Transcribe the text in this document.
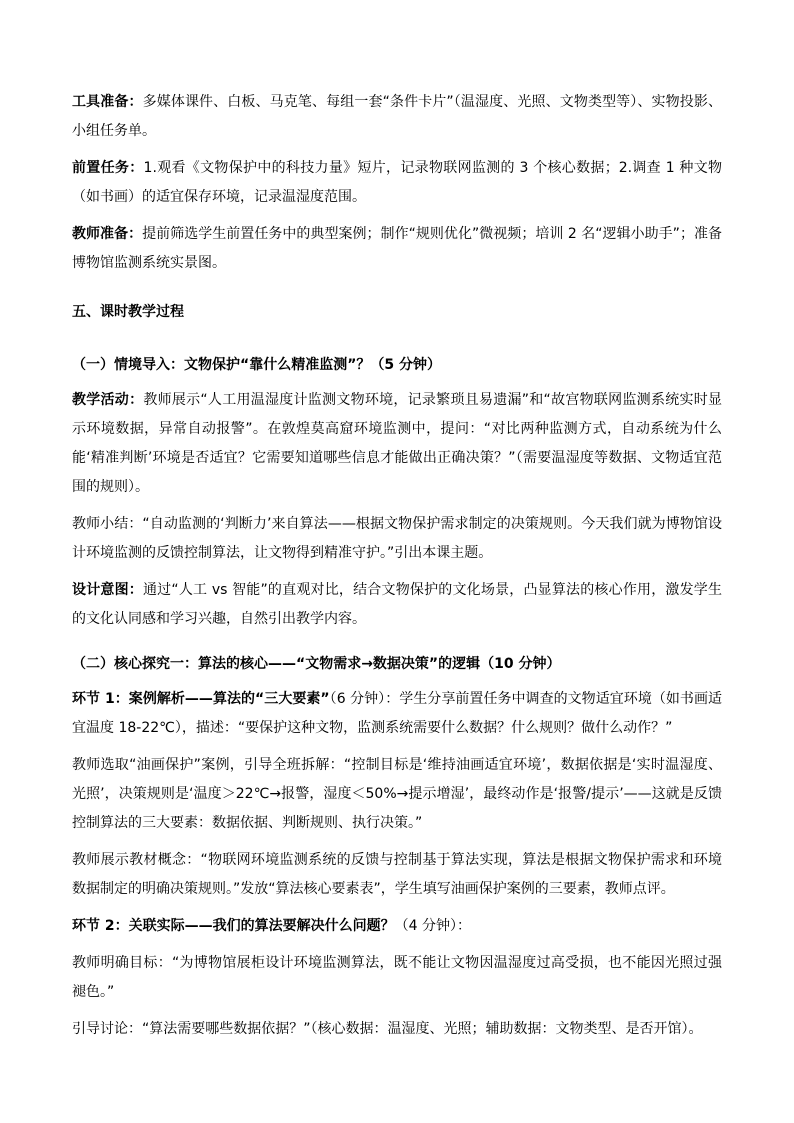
工具准备：多媒体课件、白板、马克笔、每组一套“条件卡片”（温湿度、光照、文物类型等）、实物投影、小组任务单。

前置任务：1.观看《文物保护中的科技力量》短片，记录物联网监测的 3 个核心数据；2.调查 1 种文物（如书画）的适宜保存环境，记录温湿度范围。

教师准备：提前筛选学生前置任务中的典型案例；制作“规则优化”微视频；培训 2 名“逻辑小助手”；准备博物馆监测系统实景图。

五、课时教学过程

（一）情境导入：文物保护“靠什么精准监测”？（5 分钟）

教学活动：教师展示“人工用温湿度计监测文物环境，记录繁琐且易遗漏”和“故宫物联网监测系统实时显示环境数据，异常自动报警”。在敦煌莫高窟环境监测中，提问：“对比两种监测方式，自动系统为什么能‘精准判断’环境是否适宜？它需要知道哪些信息才能做出正确决策？”（需要温湿度等数据、文物适宜范围的规则）。

教师小结：“自动监测的‘判断力’来自算法——根据文物保护需求制定的决策规则。今天我们就为博物馆设计环境监测的反馈控制算法，让文物得到精准守护。”引出本课主题。

设计意图：通过“人工 vs 智能”的直观对比，结合文物保护的文化场景，凸显算法的核心作用，激发学生的文化认同感和学习兴趣，自然引出教学内容。

（二）核心探究一：算法的核心——“文物需求→数据决策”的逻辑（10 分钟）

环节 1：案例解析——算法的“三大要素”（6 分钟）：学生分享前置任务中调查的文物适宜环境（如书画适宜温度 18-22℃），描述：“要保护这种文物，监测系统需要什么数据？什么规则？做什么动作？”

教师选取“油画保护”案例，引导全班拆解：“控制目标是‘维持油画适宜环境’，数据依据是‘实时温湿度、光照’，决策规则是‘温度＞22℃→报警，湿度＜50%→提示增湿’，最终动作是‘报警/提示’——这就是反馈控制算法的三大要素：数据依据、判断规则、执行决策。”

教师展示教材概念：“物联网环境监测系统的反馈与控制基于算法实现，算法是根据文物保护需求和环境数据制定的明确决策规则。”发放“算法核心要素表”，学生填写油画保护案例的三要素，教师点评。

环节 2：关联实际——我们的算法要解决什么问题？（4 分钟）：

教师明确目标：“为博物馆展柜设计环境监测算法，既不能让文物因温湿度过高受损，也不能因光照过强褪色。”

引导讨论：“算法需要哪些数据依据？”（核心数据：温湿度、光照；辅助数据：文物类型、是否开馆）。
